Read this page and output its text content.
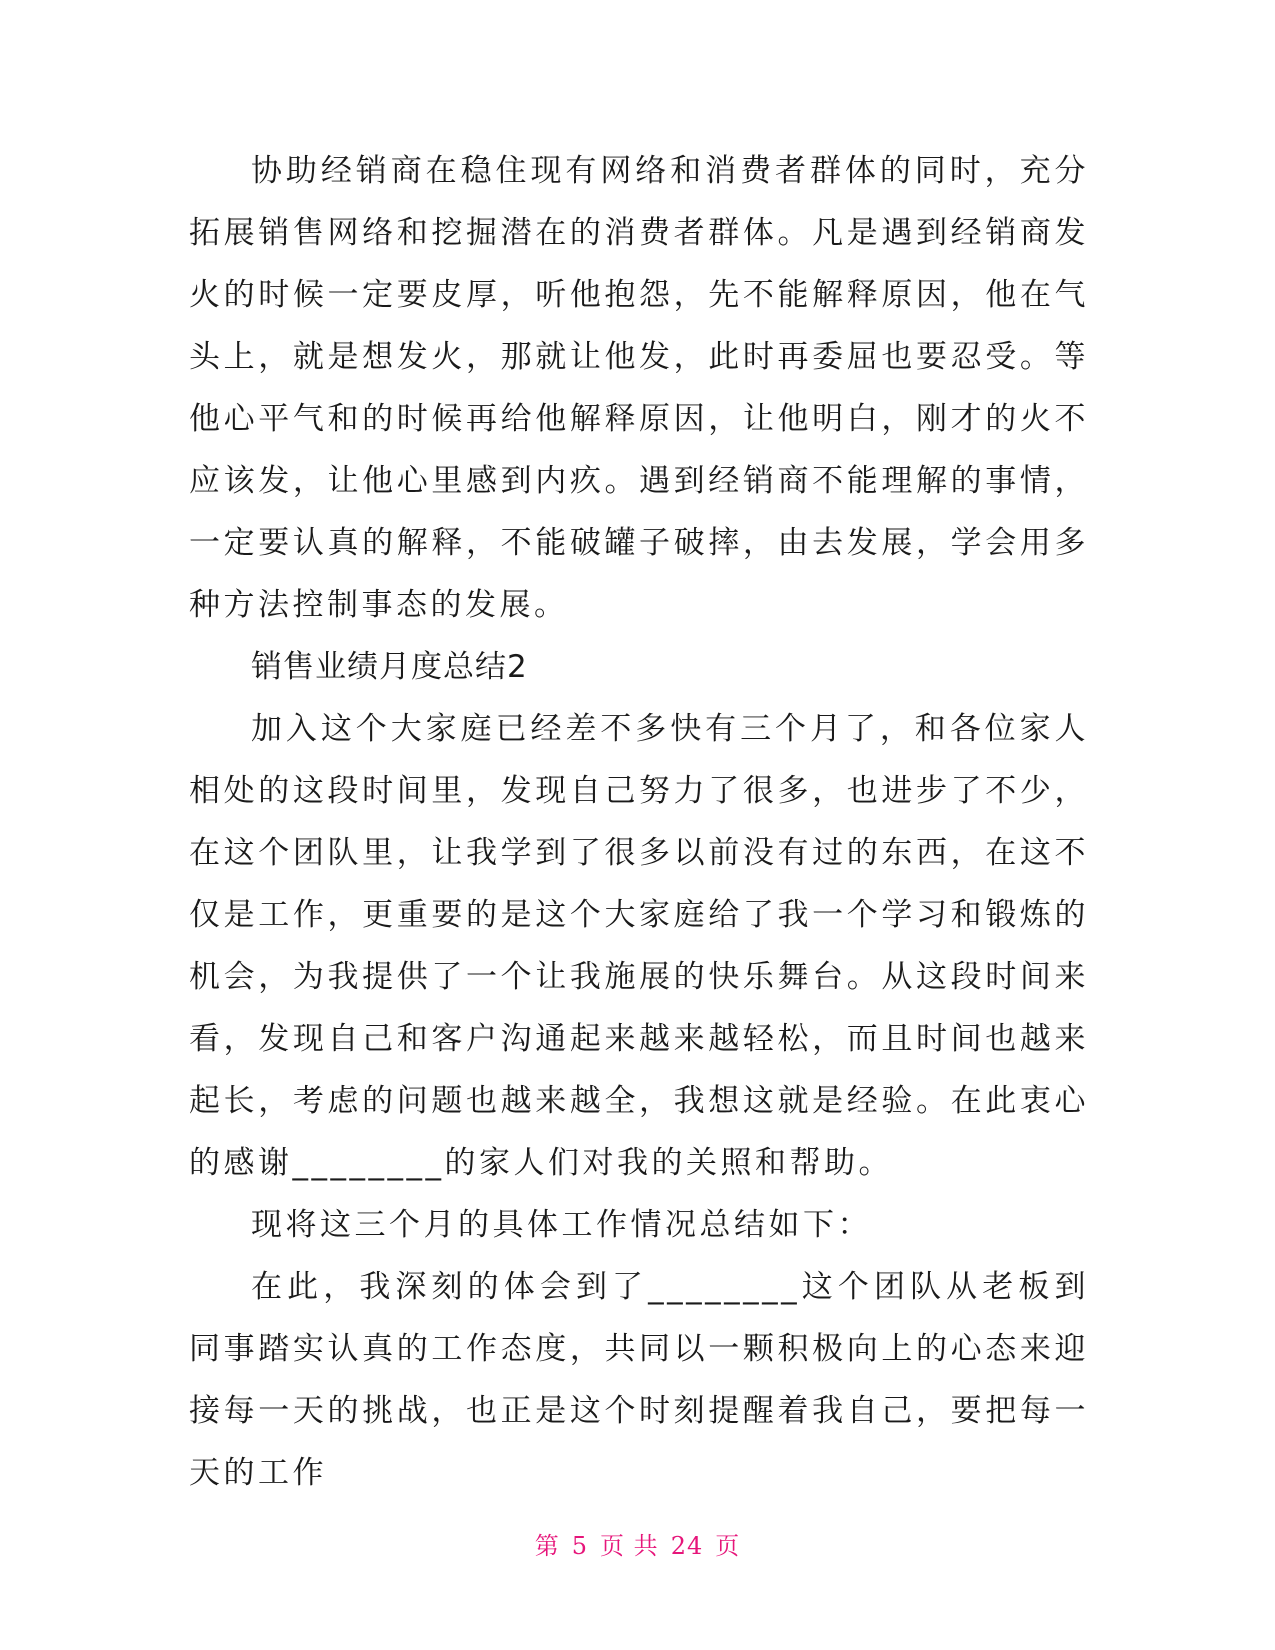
协助经销商在稳住现有网络和消费者群体的同时，充分拓展销售网络和挖掘潜在的消费者群体。凡是遇到经销商发火的时候一定要皮厚，听他抱怨，先不能解释原因，他在气头上，就是想发火，那就让他发，此时再委屈也要忍受。等他心平气和的时候再给他解释原因，让他明白，刚才的火不应该发，让他心里感到内疚。遇到经销商不能理解的事情，一定要认真的解释，不能破罐子破摔，由去发展，学会用多种方法控制事态的发展。

销售业绩月度总结2

加入这个大家庭已经差不多快有三个月了，和各位家人相处的这段时间里，发现自己努力了很多，也进步了不少，在这个团队里，让我学到了很多以前没有过的东西，在这不仅是工作，更重要的是这个大家庭给了我一个学习和锻炼的机会，为我提供了一个让我施展的快乐舞台。从这段时间来看，发现自己和客户沟通起来越来越轻松，而且时间也越来起长，考虑的问题也越来越全，我想这就是经验。在此衷心的感谢________的家人们对我的关照和帮助。

现将这三个月的具体工作情况总结如下：

在此，我深刻的体会到了________这个团队从老板到同事踏实认真的工作态度，共同以一颗积极向上的心态来迎接每一天的挑战，也正是这个时刻提醒着我自己，要把每一天的工作

第 5 页 共 24 页
